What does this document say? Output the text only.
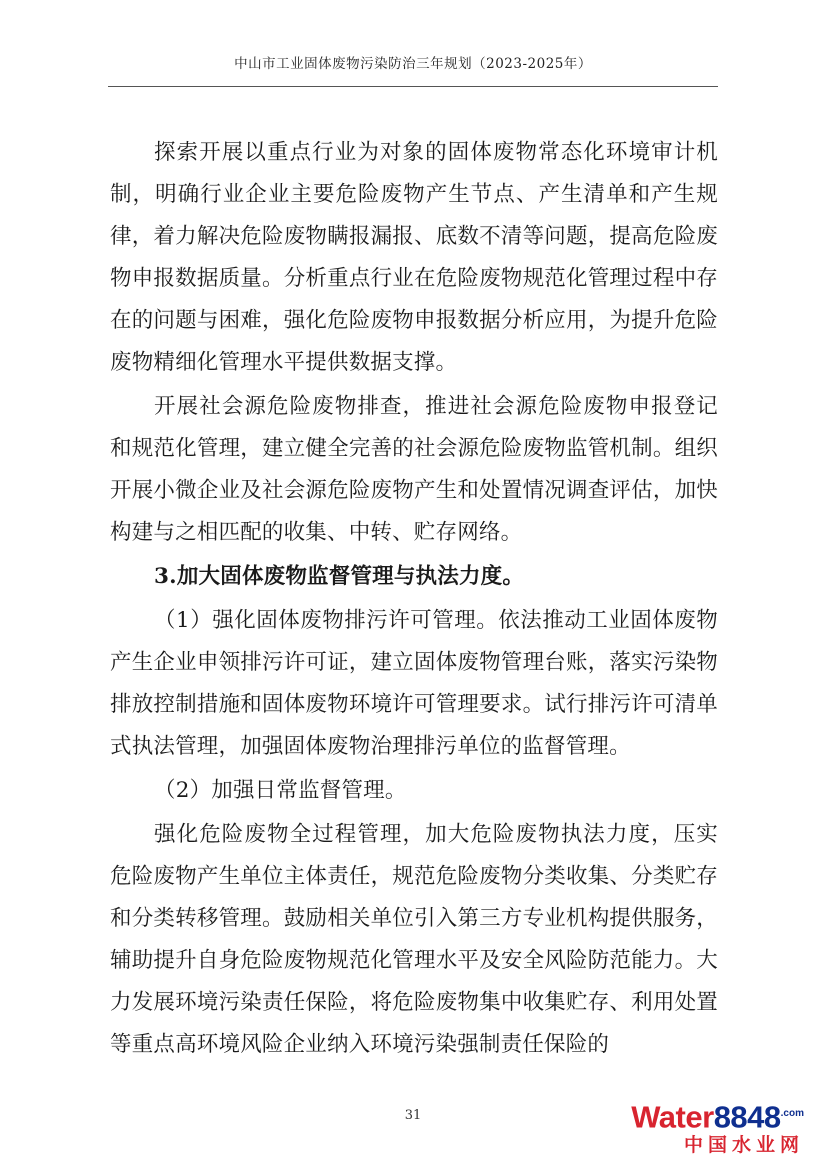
中山市工业固体废物污染防治三年规划（2023-2025年）

探索开展以重点行业为对象的固体废物常态化环境审计机制，明确行业企业主要危险废物产生节点、产生清单和产生规律，着力解决危险废物瞒报漏报、底数不清等问题，提高危险废物申报数据质量。分析重点行业在危险废物规范化管理过程中存在的问题与困难，强化危险废物申报数据分析应用，为提升危险废物精细化管理水平提供数据支撑。

开展社会源危险废物排查，推进社会源危险废物申报登记和规范化管理，建立健全完善的社会源危险废物监管机制。组织开展小微企业及社会源危险废物产生和处置情况调查评估，加快构建与之相匹配的收集、中转、贮存网络。

3.加大固体废物监督管理与执法力度。

（1）强化固体废物排污许可管理。依法推动工业固体废物产生企业申领排污许可证，建立固体废物管理台账，落实污染物排放控制措施和固体废物环境许可管理要求。试行排污许可清单式执法管理，加强固体废物治理排污单位的监督管理。

（2）加强日常监督管理。

强化危险废物全过程管理，加大危险废物执法力度，压实危险废物产生单位主体责任，规范危险废物分类收集、分类贮存和分类转移管理。鼓励相关单位引入第三方专业机构提供服务，辅助提升自身危险废物规范化管理水平及安全风险防范能力。大力发展环境污染责任保险，将危险废物集中收集贮存、利用处置等重点高环境风险企业纳入环境污染强制责任保险的

31	$Water8848^{.com}$
中国水业网
